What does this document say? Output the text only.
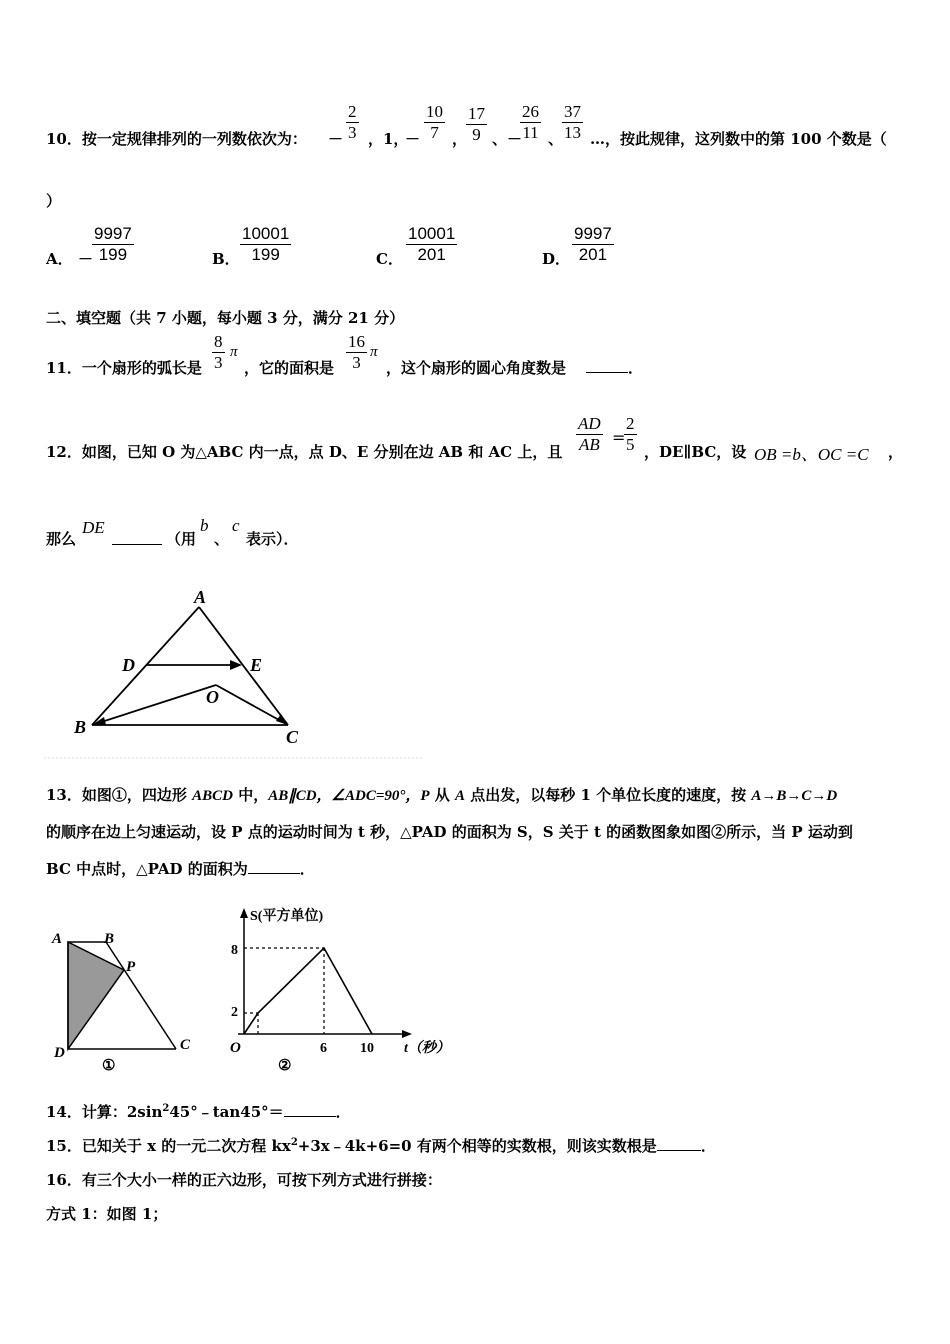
10．按一定规律排列的一列数依次为： － $\frac{2}{3}$ ，1，
－ $\frac{10}{7}$ ，
$\frac{17}{9}$ 、－
$\frac{26}{11}$ 、
$\frac{37}{13}$ …，按此规律，这列数中的第 100 个数是（
）
A． －
$\frac{9997}{199}$	B． $\frac{10001}{199}$	C． $\frac{10001}{201}$	D． $\frac{9997}{201}$
二、填空题（共 7 小题，每小题 3 分，满分 21 分）
11．一个扇形的弧长是 $\frac{8}{3}$ π
，它的面积是 $\frac{16}{3}$ π
，这个扇形的圆心角度数是	．
12．如图，已知 O 为△ABC 内一点，点 D、E 分别在边 AB 和 AC 上，且 $\frac{AD}{AB}$ =
$\frac{2}{5}$ ，DE∥BC，设 OB =b、OC =C ，
那么
DE
（用
b
、
c
表示）．
A
D	E
O
B	C
13．如图①，四边形 ABCD 中，AB∥CD，∠ADC=90°，P 从 A 点出发，以每秒 1 个单位长度的速度，按 A→B→C→D
的顺序在边上匀速运动，设 P 点的运动时间为 t 秒，△PAD 的面积为 S，S 关于 t 的函数图象如图②所示，当 P 运动到
BC 中点时，△PAD 的面积为	．
A	B
P
D	C
①
S(平方单位)
8
2
O	6 10 t（秒）
②
14．计算：$2\sin^245^\circ﹣\tan 45^\circ=$	．
15．已知关于 x 的一元二次方程 $kx^2+3x﹣4k+6=0$ 有两个相等的实数根，则该实数根是	．
16．有三个大小一样的正六边形，可按下列方式进行拼接：
方式 1：如图 1；
